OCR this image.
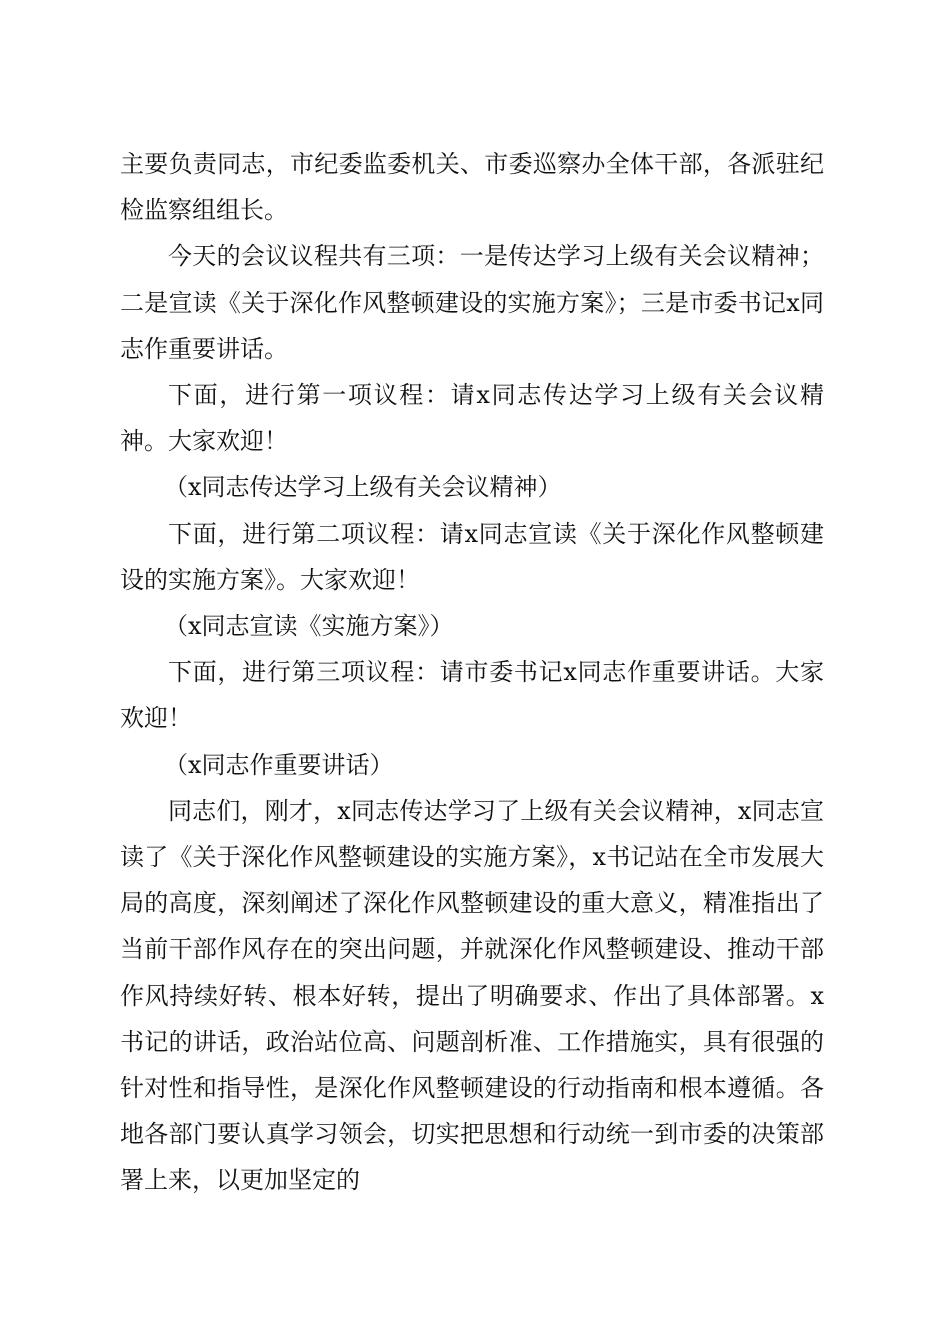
主要负责同志，市纪委监委机关、市委巡察办全体干部，各派驻纪检监察组组长。

今天的会议议程共有三项：一是传达学习上级有关会议精神；二是宣读《关于深化作风整顿建设的实施方案》；三是市委书记x同志作重要讲话。

下面，进行第一项议程：请x同志传达学习上级有关会议精神。大家欢迎！

（x同志传达学习上级有关会议精神）

下面，进行第二项议程：请x同志宣读《关于深化作风整顿建设的实施方案》。大家欢迎！

（x同志宣读《实施方案》）

下面，进行第三项议程：请市委书记x同志作重要讲话。大家欢迎！

（x同志作重要讲话）

同志们，刚才，x同志传达学习了上级有关会议精神，x同志宣读了《关于深化作风整顿建设的实施方案》，x书记站在全市发展大局的高度，深刻阐述了深化作风整顿建设的重大意义，精准指出了当前干部作风存在的突出问题，并就深化作风整顿建设、推动干部作风持续好转、根本好转，提出了明确要求、作出了具体部署。x书记的讲话，政治站位高、问题剖析准、工作措施实，具有很强的针对性和指导性，是深化作风整顿建设的行动指南和根本遵循。各地各部门要认真学习领会，切实把思想和行动统一到市委的决策部署上来，以更加坚定的
